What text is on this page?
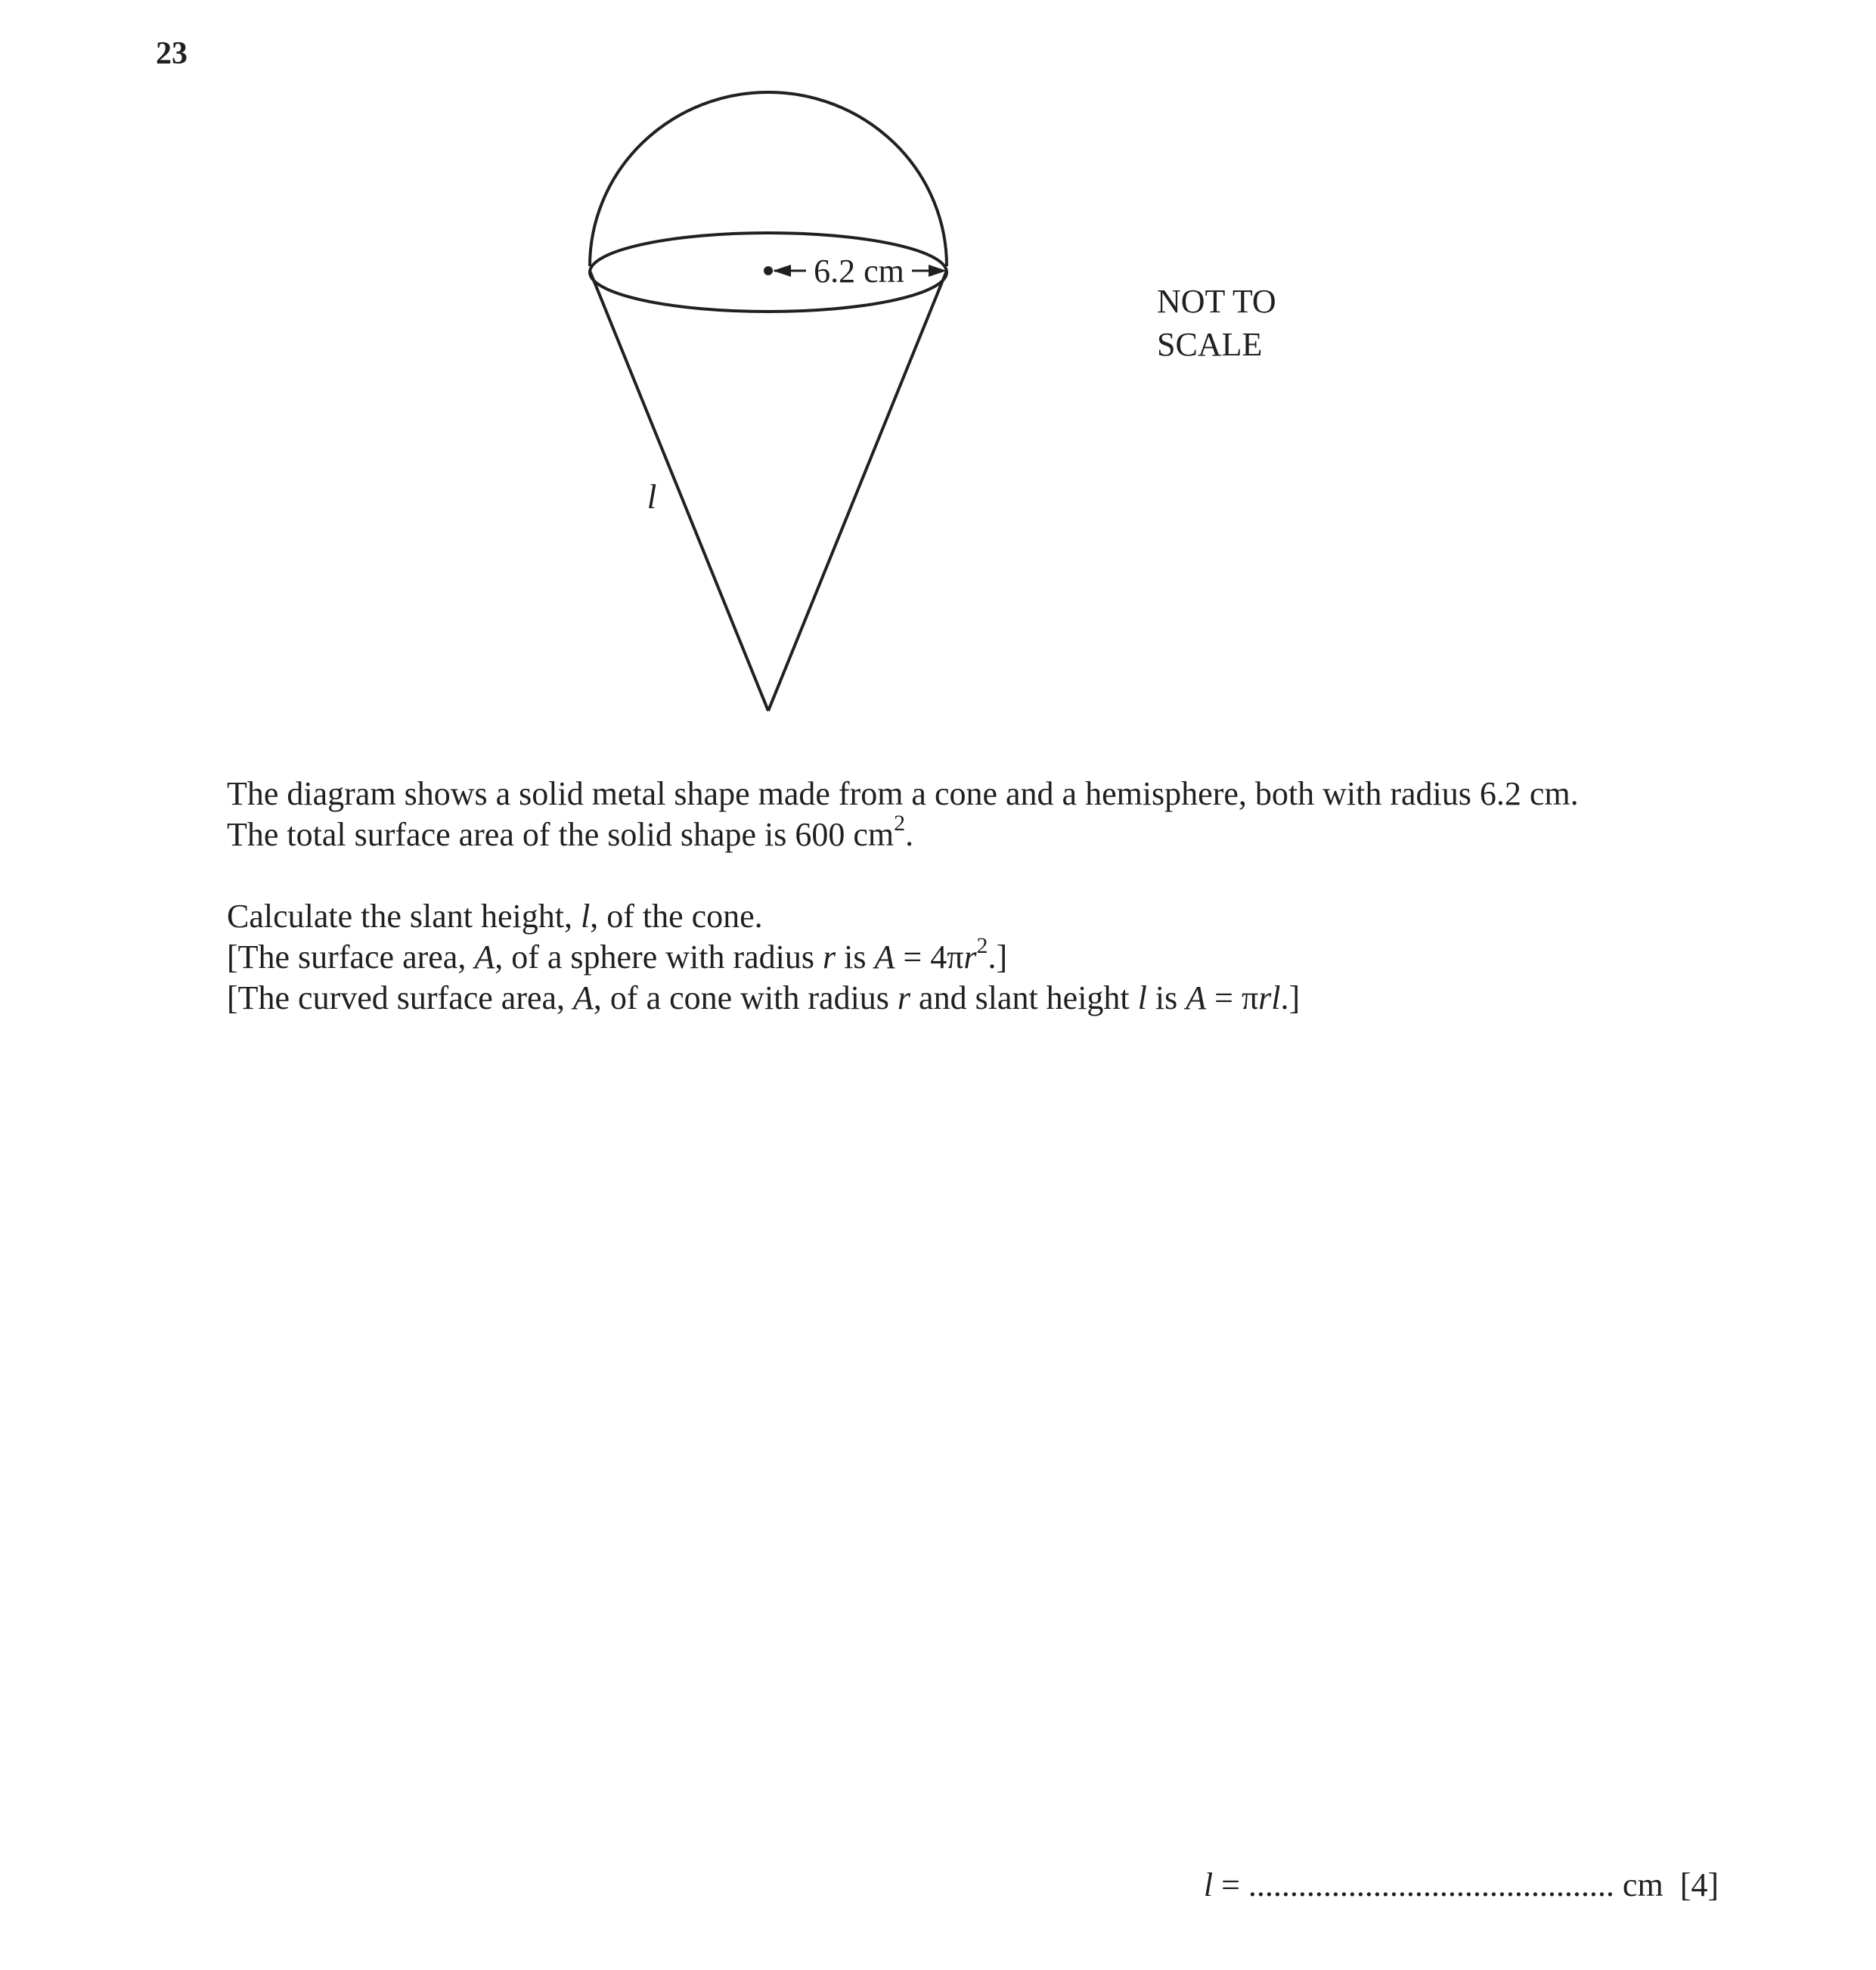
23
6.2 cm
l
NOT TO
SCALE
The diagram shows a solid metal shape made from a cone and a hemisphere, both with radius 6.2 cm.
The total surface area of the solid shape is 600 $cm^2$.
Calculate the slant height, l, of the cone.
[The surface area, A, of a sphere with radius r is $A = 4\pi r^2$.]
[The curved surface area, A, of a cone with radius r and slant height l is A = πrl.]
l = ............................................ cm [4]
